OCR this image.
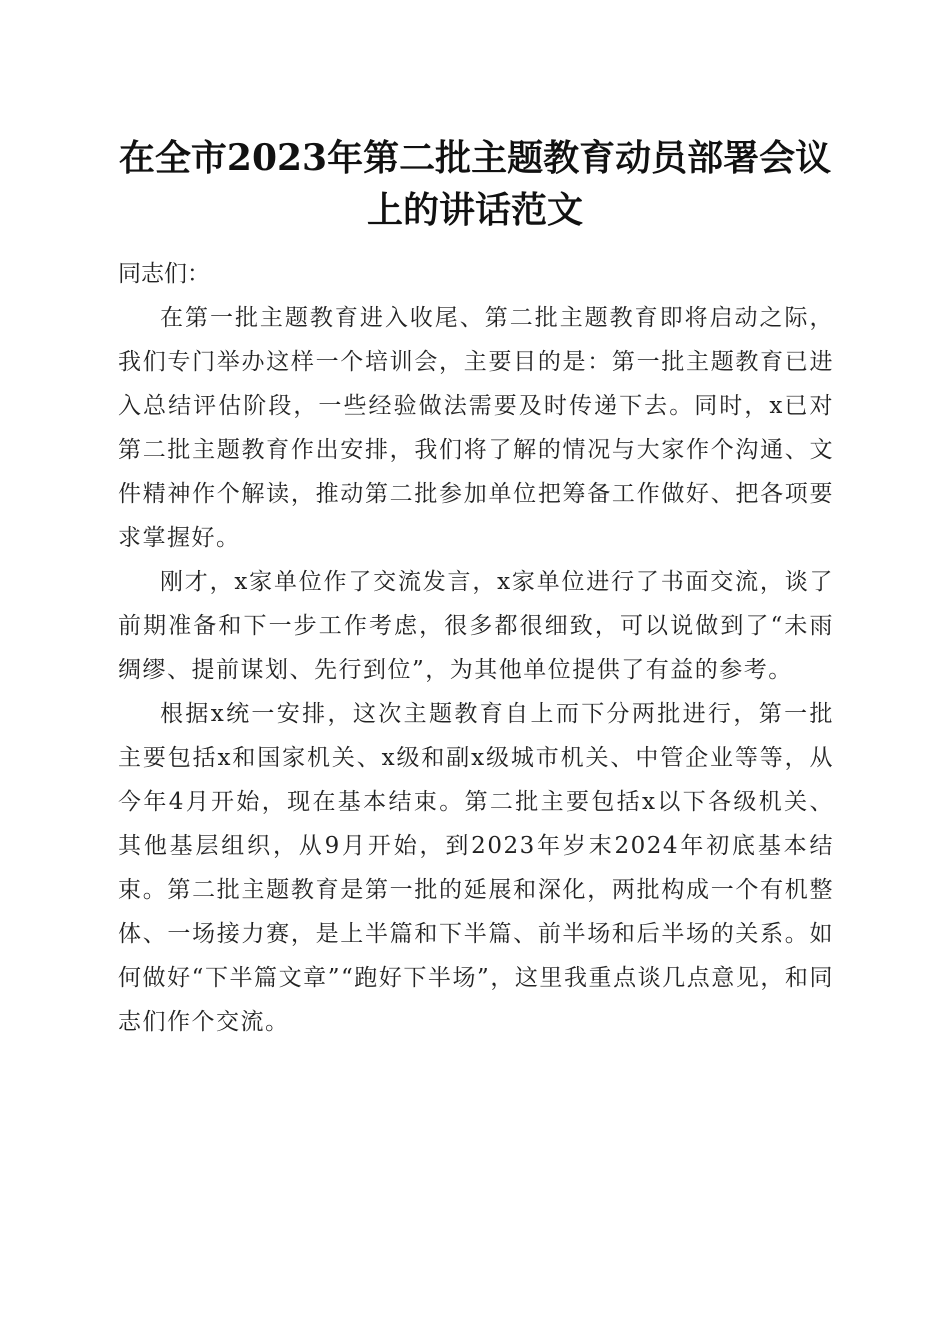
在全市2023年第二批主题教育动员部署会议
上的讲话范文

同志们：

在第一批主题教育进入收尾、第二批主题教育即将启动之际，我们专门举办这样一个培训会，主要目的是：第一批主题教育已进入总结评估阶段，一些经验做法需要及时传递下去。同时，x已对第二批主题教育作出安排，我们将了解的情况与大家作个沟通、文件精神作个解读，推动第二批参加单位把筹备工作做好、把各项要求掌握好。

刚才，x家单位作了交流发言，x家单位进行了书面交流，谈了前期准备和下一步工作考虑，很多都很细致，可以说做到了“未雨绸缪、提前谋划、先行到位”，为其他单位提供了有益的参考。

根据x统一安排，这次主题教育自上而下分两批进行，第一批主要包括x和国家机关、x级和副x级城市机关、中管企业等等，从今年4月开始，现在基本结束。第二批主要包括x以下各级机关、其他基层组织，从9月开始，到2023年岁末2024年初底基本结束。第二批主题教育是第一批的延展和深化，两批构成一个有机整体、一场接力赛，是上半篇和下半篇、前半场和后半场的关系。如何做好“下半篇文章”“跑好下半场”，这里我重点谈几点意见，和同志们作个交流。
